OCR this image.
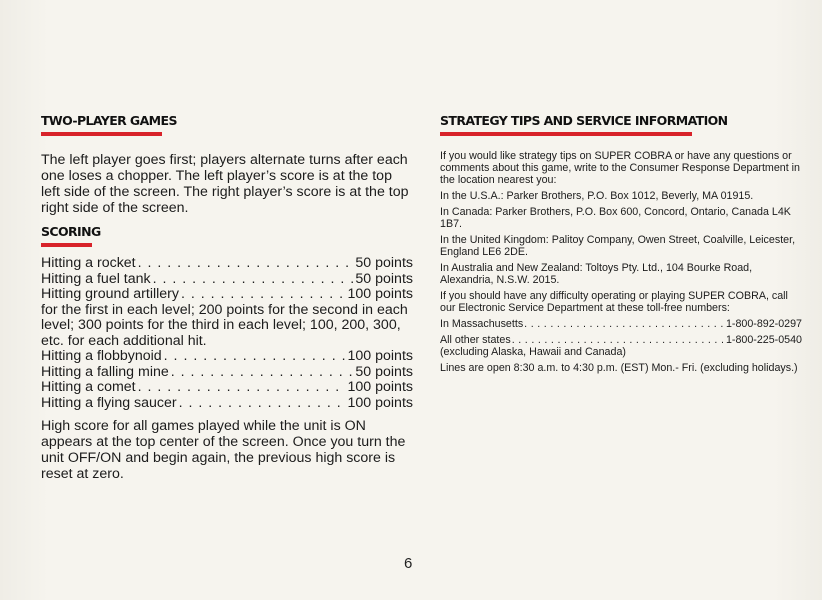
TWO-PLAYER GAMES

The left player goes first; players alternate turns after each one loses a chopper. The left player’s score is at the top left side of the screen. The right player’s score is at the top right side of the screen.

SCORING
Hitting a rocket . . .	50 points
Hitting a fuel tank . . .	50 points
Hitting ground artillery . . .	100 points

for the first in each level; 200 points for the second in each level; 300 points for the third in each level; 100, 200, 300, etc. for each additional hit.

Hitting a flobbynoid . . .	100 points
Hitting a falling mine . . .	50 points
Hitting a comet . . .	100 points
Hitting a flying saucer . . .	100 points

High score for all games played while the unit is ON appears at the top center of the screen. Once you turn the unit OFF/ON and begin again, the previous high score is reset at zero.

STRATEGY TIPS AND SERVICE INFORMATION

If you would like strategy tips on SUPER COBRA or have any questions or comments about this game, write to the Consumer Response Department in the location nearest you:

In the U.S.A.: Parker Brothers, P.O. Box 1012, Beverly, MA 01915.

In Canada: Parker Brothers, P.O. Box 600, Concord, Ontario, Canada L4K 1B7.

In the United Kingdom: Palitoy Company, Owen Street, Coalville, Leicester, England LE6 2DE.

In Australia and New Zealand: Toltoys Pty. Ltd., 104 Bourke Road, Alexandria, N.S.W. 2015.

If you should have any difficulty operating or playing SUPER COBRA, call our Electronic Service Department at these toll-free numbers:

In Massachusetts . . .	1-800-892-0297
All other states . . .	1-800-225-0540

(excluding Alaska, Hawaii and Canada)

Lines are open 8:30 a.m. to 4:30 p.m. (EST) Mon.- Fri. (excluding holidays.)

6
